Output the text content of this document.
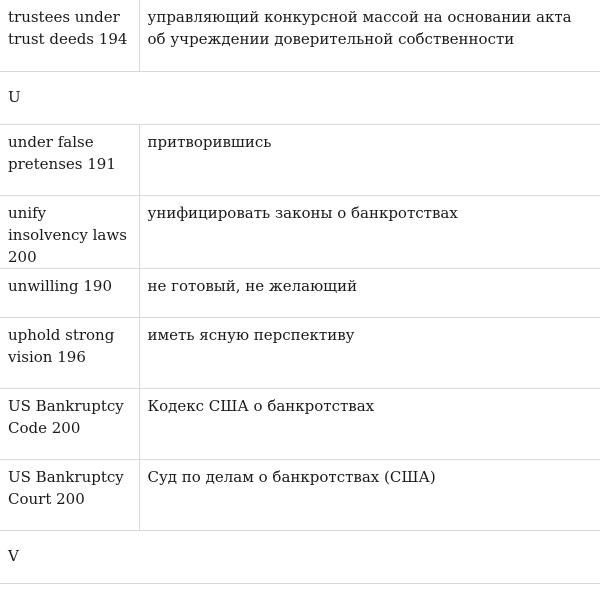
trustees under trust deeds 194	управляющий конкурсной массой на основании акта об учреждении доверительной собственности
U	
under false pretenses 191	притворившись
unify insolvency laws 200	унифицировать законы о банкротствах
unwilling 190	не готовый, не желающий
uphold strong vision 196	иметь ясную перспективу
US Bankruptcy Code 200	Кодекс США о банкротствах
US Bankruptcy Court 200	Суд по делам о банкротствах (США)
V	
